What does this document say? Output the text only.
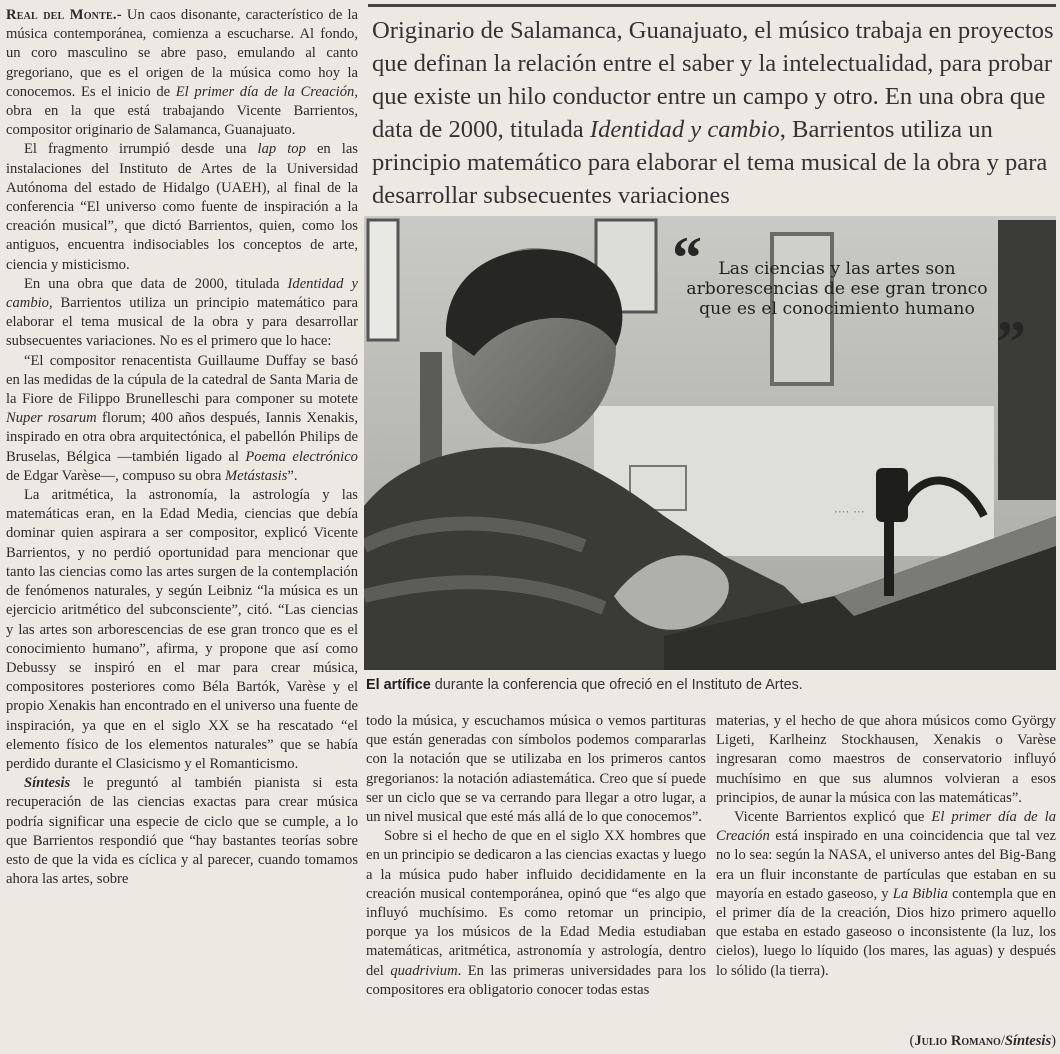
Real del Monte.- Un caos disonante, característico de la música contemporánea, comienza a escucharse. Al fondo, un coro masculino se abre paso, emulando al canto gregoriano, que es el origen de la música como hoy la conocemos. Es el inicio de El primer día de la Creación, obra en la que está trabajando Vicente Barrientos, compositor originario de Salamanca, Guanajuato.

El fragmento irrumpió desde una lap top en las instalaciones del Instituto de Artes de la Universidad Autónoma del estado de Hidalgo (UAEH), al final de la conferencia “El universo como fuente de inspiración a la creación musical”, que dictó Barrientos, quien, como los antiguos, encuentra indisociables los conceptos de arte, ciencia y misticismo.

En una obra que data de 2000, titulada Identidad y cambio, Barrientos utiliza un principio matemático para elaborar el tema musical de la obra y para desarrollar subsecuentes variaciones. No es el primero que lo hace:

“El compositor renacentista Guillaume Duffay se basó en las medidas de la cúpula de la catedral de Santa Maria de la Fiore de Filippo Brunelleschi para componer su motete Nuper rosarum florum; 400 años después, Iannis Xenakis, inspirado en otra obra arquitectónica, el pabellón Philips de Bruselas, Bélgica —también ligado al Poema electrónico de Edgar Varèse—, compuso su obra Metástasis”.

La aritmética, la astronomía, la astrología y las matemáticas eran, en la Edad Media, ciencias que debía dominar quien aspirara a ser compositor, explicó Vicente Barrientos, y no perdió oportunidad para mencionar que tanto las ciencias como las artes surgen de la contemplación de fenómenos naturales, y según Leibniz “la música es un ejercicio aritmético del subconsciente”, citó. “Las ciencias y las artes son arborescencias de ese gran tronco que es el conocimiento humano”, afirma, y propone que así como Debussy se inspiró en el mar para crear música, compositores posteriores como Béla Bartók, Varèse y el propio Xenakis han encontrado en el universo una fuente de inspiración, ya que en el siglo XX se ha rescatado “el elemento físico de los elementos naturales” que se había perdido durante el Clasicismo y el Romanticismo.

Síntesis le preguntó al también pianista si esta recuperación de las ciencias exactas para crear música podría significar una especie de ciclo que se cumple, a lo que Barrientos respondió que “hay bastantes teorías sobre esto de que la vida es cíclica y al parecer, cuando tomamos ahora las artes, sobre

Originario de Salamanca, Guanajuato, el músico trabaja en proyectos que definan la relación entre el saber y la intelectualidad, para probar que existe un hilo conductor entre un campo y otro. En una obra que data de 2000, titulada Identidad y cambio, Barrientos utiliza un principio matemático para elaborar el tema musical de la obra y para desarrollar subsecuentes variaciones

···· ···
“ Las ciencias y las artes son arborescencias de ese gran tronco que es el conocimiento humano
”
El artífice durante la conferencia que ofreció en el Instituto de Artes.

todo la música, y escuchamos música o vemos partituras que están generadas con símbolos podemos compararlas con la notación que se utilizaba en los primeros cantos gregorianos: la notación adiastemática. Creo que sí puede ser un ciclo que se va cerrando para llegar a otro lugar, a un nivel musical que esté más allá de lo que conocemos”.

Sobre si el hecho de que en el siglo XX hombres que en un principio se dedicaron a las ciencias exactas y luego a la música pudo haber influido decididamente en la creación musical contemporánea, opinó que “es algo que influyó muchísimo. Es como retomar un principio, porque ya los músicos de la Edad Media estudiaban matemáticas, aritmética, astronomía y astrología, dentro del quadrivium. En las primeras universidades para los compositores era obligatorio conocer todas estas

materias, y el hecho de que ahora músicos como György Ligeti, Karlheinz Stockhausen, Xenakis o Varèse ingresaran como maestros de conservatorio influyó muchísimo en que sus alumnos volvieran a esos principios, de aunar la música con las matemáticas”.

Vicente Barrientos explicó que El primer día de la Creación está inspirado en una coincidencia que tal vez no lo sea: según la NASA, el universo antes del Big-Bang era un fluir inconstante de partículas que estaban en su mayoría en estado gaseoso, y La Biblia contempla que en el primer día de la creación, Dios hizo primero aquello que estaba en estado gaseoso o inconsistente (la luz, los cielos), luego lo líquido (los mares, las aguas) y después lo sólido (la tierra).

(Julio Romano/Síntesis)
